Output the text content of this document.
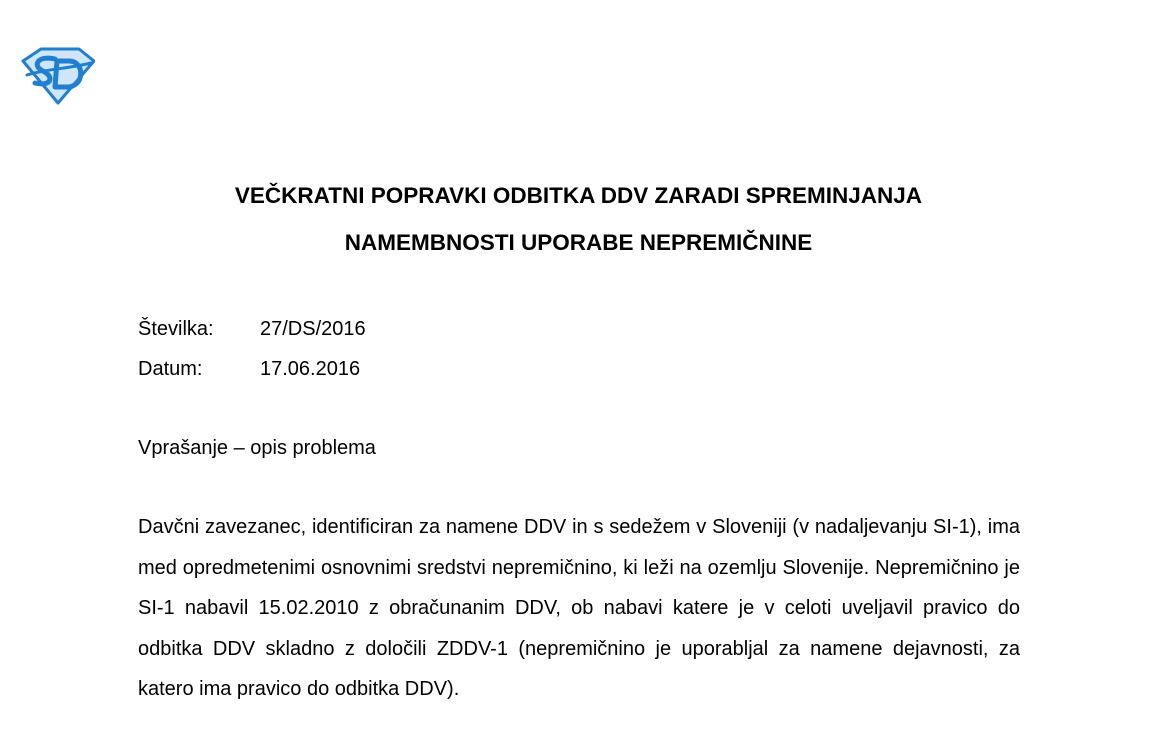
VEČKRATNI POPRAVKI ODBITKA DDV ZARADI SPREMINJANJA
NAMEMBNOSTI UPORABE NEPREMIČNINE
Številka:	27/DS/2016
Datum:	17.06.2016
Vprašanje – opis problema
Davčni zavezanec, identificiran za namene DDV in s sedežem v Sloveniji (v nadaljevanju SI-1), ima med opredmetenimi osnovnimi sredstvi nepremičnino, ki leži na ozemlju Slovenije. Nepremičnino je SI-1 nabavil 15.02.2010 z obračunanim DDV, ob nabavi katere je v celoti uveljavil pravico do odbitka DDV skladno z določili ZDDV-1 (nepremičnino je uporabljal za namene dejavnosti, za katero ima pravico do odbitka DDV).
